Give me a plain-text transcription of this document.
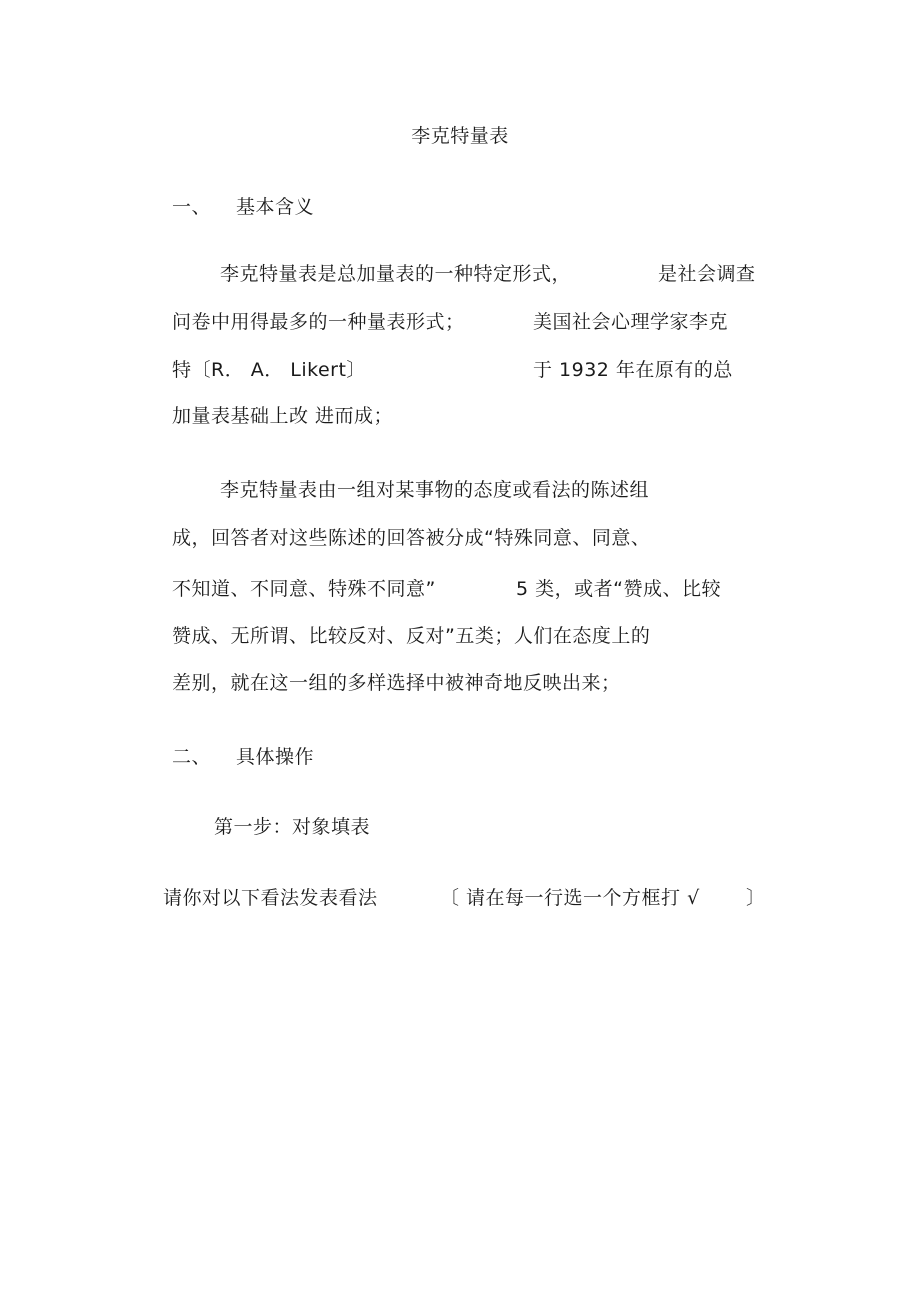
李克特量表
一、 基本含义
李克特量表是总加量表的一种特定形式，	是社会调查
问卷中用得最多的一种量表形式；	美国社会心理学家李克
特〔R． A． Likert〕	于 1932 年在原有的总
加量表基础上改 进而成；
李克特量表由一组对某事物的态度或看法的陈述组
成，回答者对这些陈述的回答被分成“特殊同意、同意、
不知道、不同意、特殊不同意”	5 类，或者“赞成、比较
赞成、无所谓、比较反对、反对”五类；人们在态度上的
差别，就在这一组的多样选择中被神奇地反映出来；
二、 具体操作
第一步：对象填表
请你对以下看法发表看法	〔 请在每一行选一个方框打 √ 〕
